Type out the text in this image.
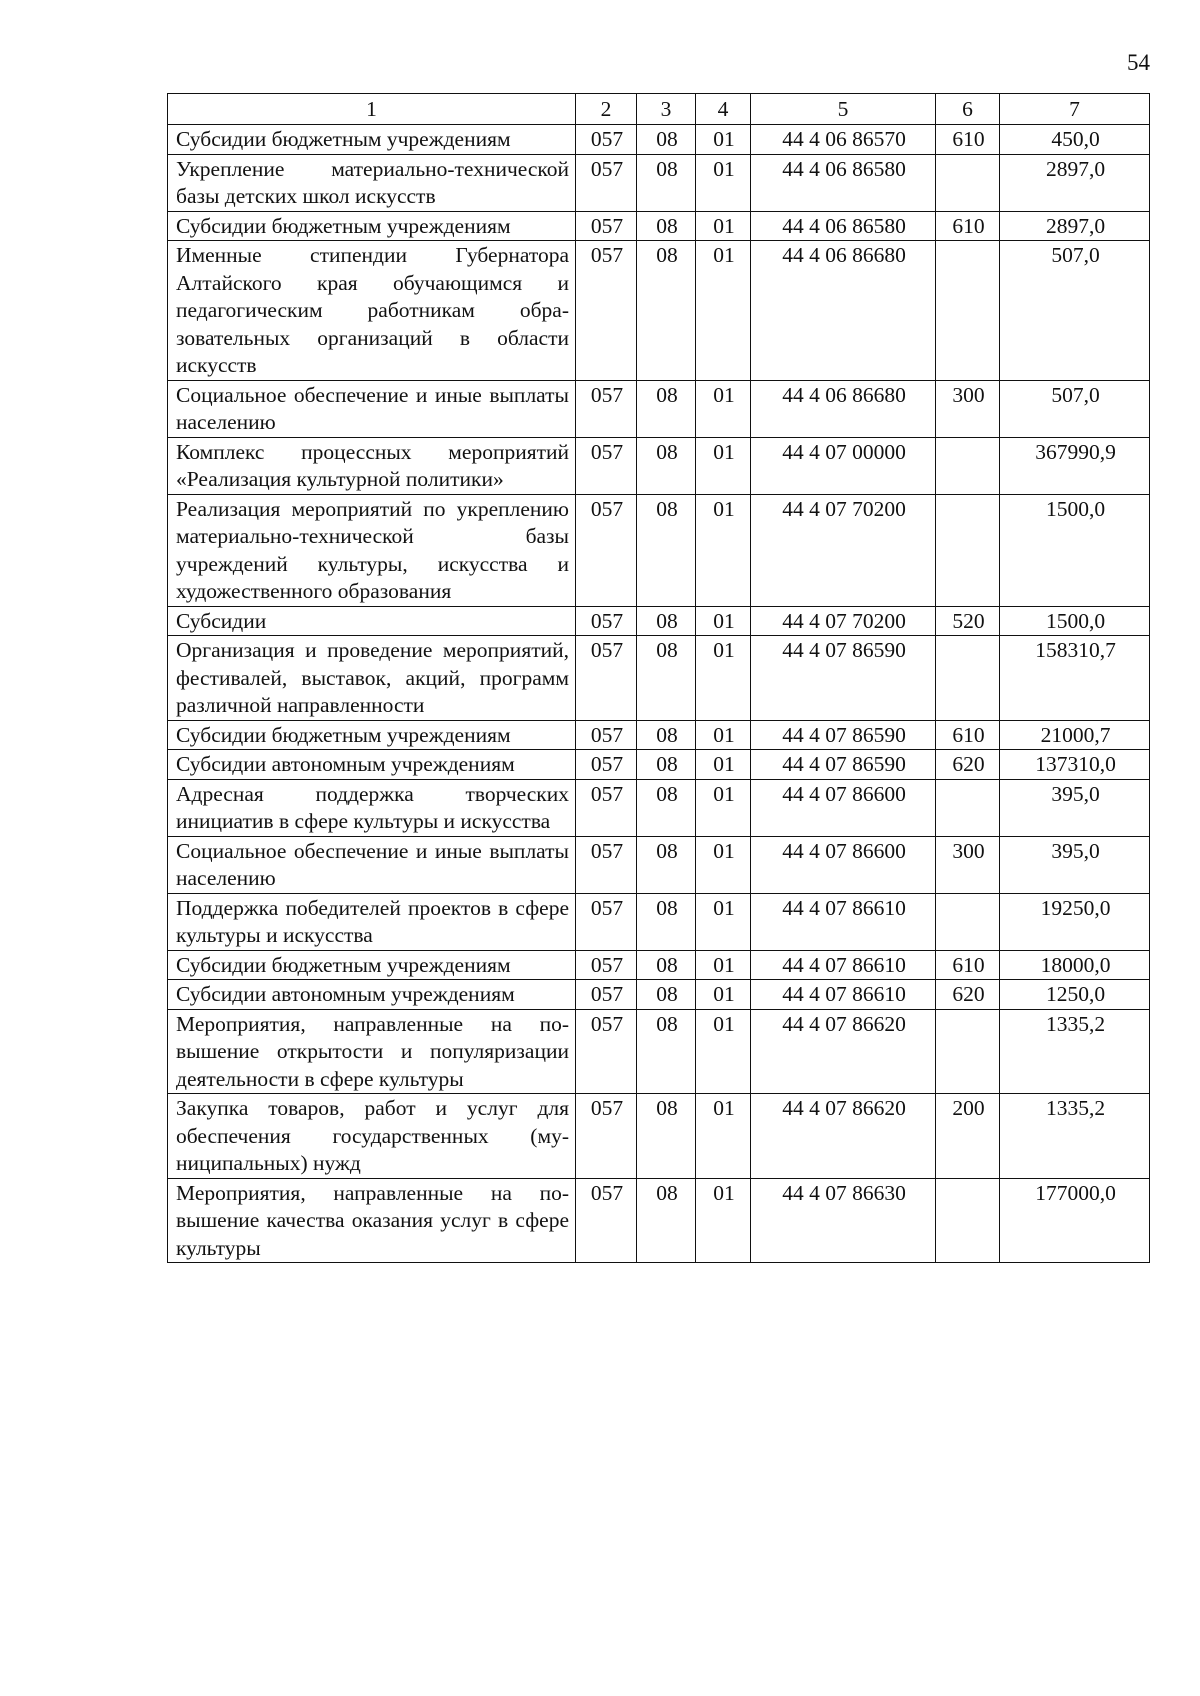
54
1	2	3	4	5	6	7
Субсидии бюджетным учреждениям	057	08	01	44 4 06 86570	610	450,0
Укрепление материально-технической базы детских школ искусств	057	08	01	44 4 06 86580		2897,0
Субсидии бюджетным учреждениям	057	08	01	44 4 06 86580	610	2897,0
Именные стипендии Губернатора Алтайского края обучающимся и педагогическим работникам образовательных организаций в области искусств	057	08	01	44 4 06 86680		507,0
Социальное обеспечение и иные выплаты населению	057	08	01	44 4 06 86680	300	507,0
Комплекс процессных мероприятий «Реализация культурной политики»	057	08	01	44 4 07 00000		367990,9
Реализация мероприятий по укреплению материально-технической базы учреждений культуры, искусства и художественного образования	057	08	01	44 4 07 70200		1500,0
Субсидии	057	08	01	44 4 07 70200	520	1500,0
Организация и проведение мероприятий, фестивалей, выставок, акций, программ различной направленности	057	08	01	44 4 07 86590		158310,7
Субсидии бюджетным учреждениям	057	08	01	44 4 07 86590	610	21000,7
Субсидии автономным учреждениям	057	08	01	44 4 07 86590	620	137310,0
Адресная поддержка творческих инициатив в сфере культуры и искусства	057	08	01	44 4 07 86600		395,0
Социальное обеспечение и иные выплаты населению	057	08	01	44 4 07 86600	300	395,0
Поддержка победителей проектов в сфере культуры и искусства	057	08	01	44 4 07 86610		19250,0
Субсидии бюджетным учреждениям	057	08	01	44 4 07 86610	610	18000,0
Субсидии автономным учреждениям	057	08	01	44 4 07 86610	620	1250,0
Мероприятия, направленные на повышение открытости и популяризации деятельности в сфере культуры	057	08	01	44 4 07 86620		1335,2
Закупка товаров, работ и услуг для обеспечения государственных (муниципальных) нужд	057	08	01	44 4 07 86620	200	1335,2
Мероприятия, направленные на повышение качества оказания услуг в сфере культуры	057	08	01	44 4 07 86630		177000,0
